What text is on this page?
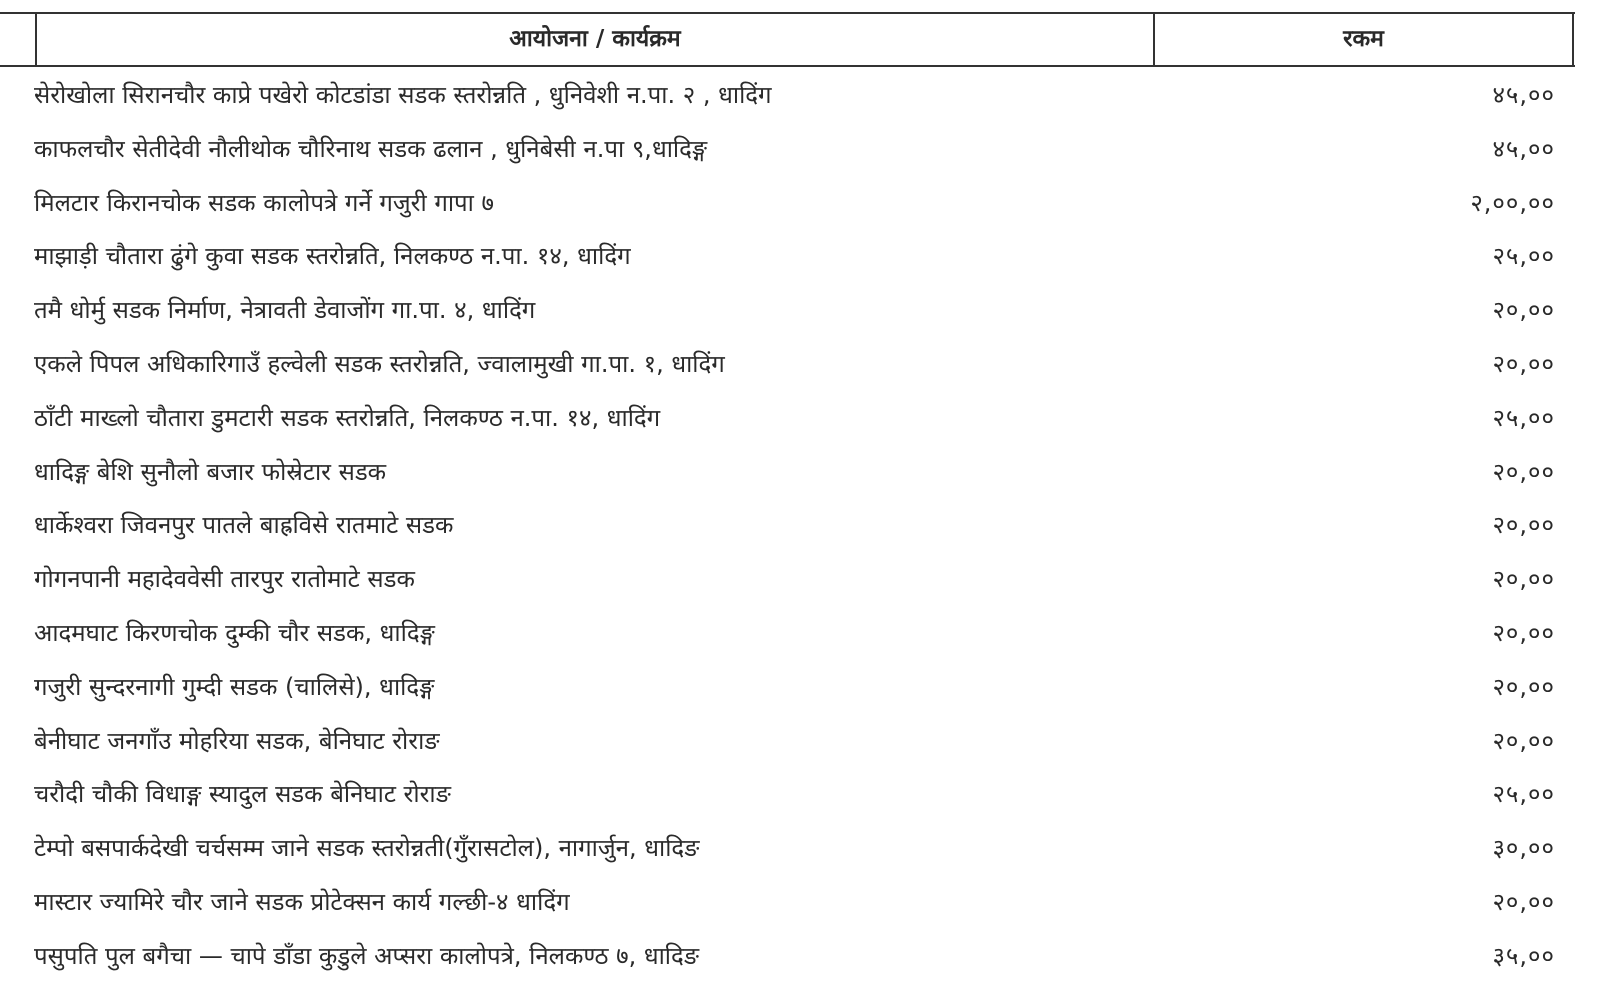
आयोजना / कार्यक्रम	रकम
सेरोखोला सिरानचौर काप्रे पखेरो कोटडांडा सडक स्तरोन्नति , धुनिवेशी न.पा. २ , धादिंग	४५,००
काफलचौर सेतीदेवी नौलीथोक चौरिनाथ सडक ढलान , धुनिबेसी न.पा ९,धादिङ्ग	४५,००
मिलटार किरानचोक सडक कालोपत्रे गर्ने गजुरी गापा ७	२,००,००
माझाड़ी चौतारा ढुंगे कुवा सडक स्तरोन्नति, निलकण्ठ न.पा. १४, धादिंग	२५,००
तमै धोर्मु सडक निर्माण, नेत्रावती डेवाजोंग गा.पा. ४, धादिंग	२०,००
एकले पिपल अधिकारिगाउँ हल्वेली सडक स्तरोन्नति, ज्वालामुखी गा.पा. १, धादिंग	२०,००
ठाँटी माख्लो चौतारा डुमटारी सडक स्तरोन्नति, निलकण्ठ न.पा. १४, धादिंग	२५,००
धादिङ्ग बेशि सुनौलो बजार फोस्रेटार सडक	२०,००
धार्केश्वरा जिवनपुर पातले बाह्रविसे रातमाटे सडक	२०,००
गोगनपानी महादेववेसी तारपुर रातोमाटे सडक	२०,००
आदमघाट किरणचोक दुम्की चौर सडक, धादिङ्ग	२०,००
गजुरी सुन्दरनागी गुम्दी सडक (चालिसे), धादिङ्ग	२०,००
बेनीघाट जनगाँउ मोहरिया सडक, बेनिघाट रोराङ	२०,००
चरौदी चौकी विधाङ्ग स्यादुल सडक बेनिघाट रोराङ	२५,००
टेम्पो बसपार्कदेखी चर्चसम्म जाने सडक स्तरोन्नती(गुँरासटोल), नागार्जुन, धादिङ	३०,००
मास्टार ज्यामिरे चौर जाने सडक प्रोटेक्सन कार्य गल्छी-४ धादिंग	२०,००
पसुपति पुल बगैचा — चापे डाँडा कुडुले अप्सरा कालोपत्रे, निलकण्ठ ७, धादिङ	३५,००
